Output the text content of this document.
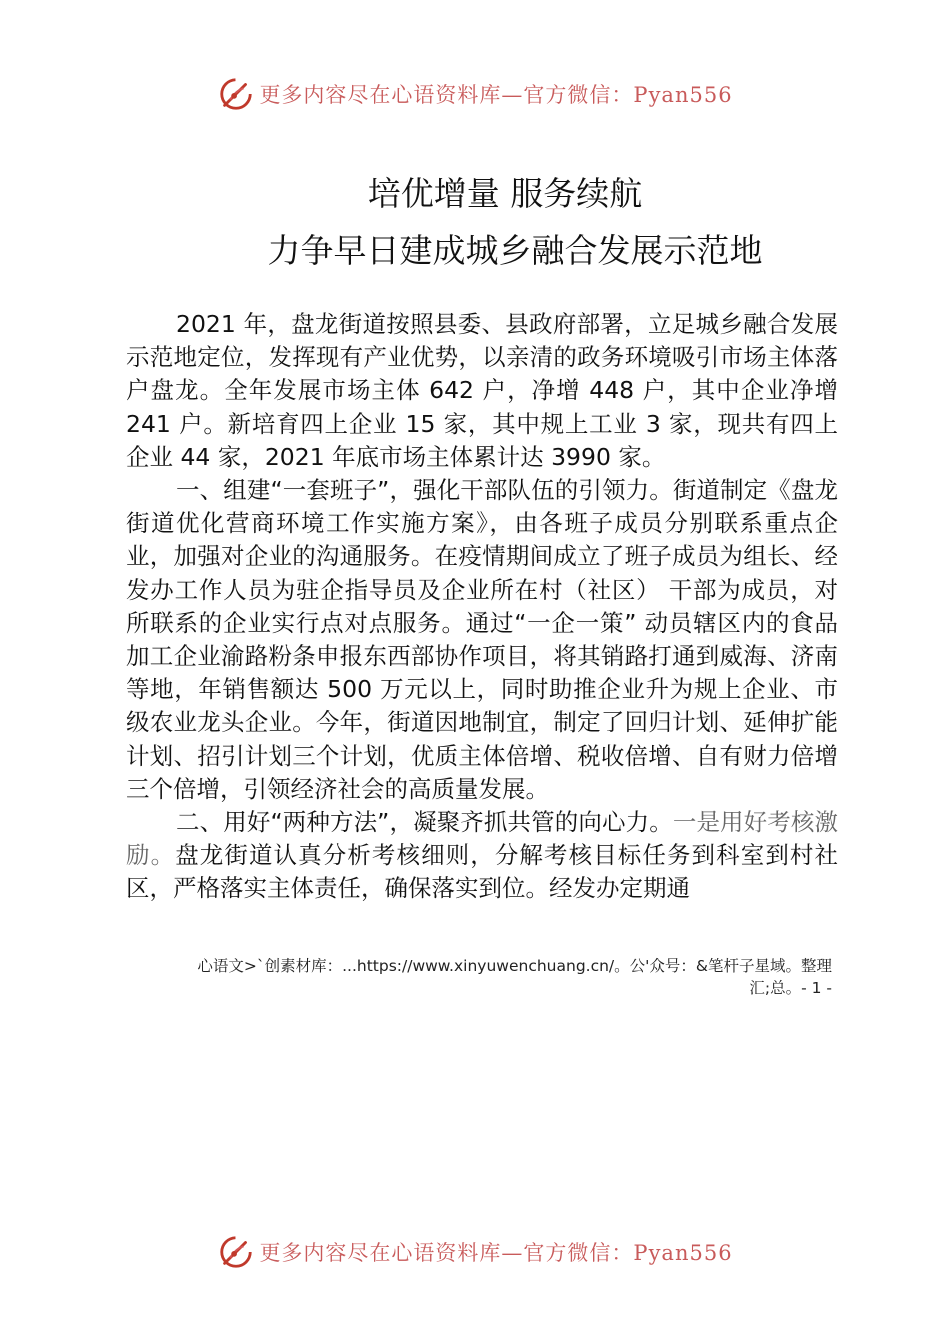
更多内容尽在心语资料库—官方微信：Pyan556
培优增量 服务续航
力争早日建成城乡融合发展示范地

2021 年，盘龙街道按照县委、县政府部署，立足城乡融合发展示范地定位，发挥现有产业优势，以亲清的政务环境吸引市场主体落户盘龙。全年发展市场主体 642 户，净增 448 户，其中企业净增 241 户。新培育四上企业 15 家，其中规上工业 3 家，现共有四上企业 44 家，2021 年底市场主体累计达 3990 家。

一、组建“一套班子”，强化干部队伍的引领力。街道制定《盘龙街道优化营商环境工作实施方案》，由各班子成员分别联系重点企业，加强对企业的沟通服务。在疫情期间成立了班子成员为组长、经发办工作人员为驻企指导员及企业所在村（社区） 干部为成员，对所联系的企业实行点对点服务。通过“一企一策” 动员辖区内的食品加工企业渝路粉条申报东西部协作项目，将其销路打通到威海、济南等地，年销售额达 500 万元以上，同时助推企业升为规上企业、市级农业龙头企业。今年，街道因地制宜，制定了回归计划、延伸扩能计划、招引计划三个计划，优质主体倍增、税收倍增、自有财力倍增三个倍增，引领经济社会的高质量发展。

二、用好“两种方法”，凝聚齐抓共管的向心力。一是用好考核激励。盘龙街道认真分析考核细则，分解考核目标任务到科室到村社区，严格落实主体责任，确保落实到位。经发办定期通

心语文>`创素材库：...https://www.xinyuwenchuang.cn/。公'众号：&笔杆子星域。整理
汇;总。- 1 -
更多内容尽在心语资料库—官方微信：Pyan556
